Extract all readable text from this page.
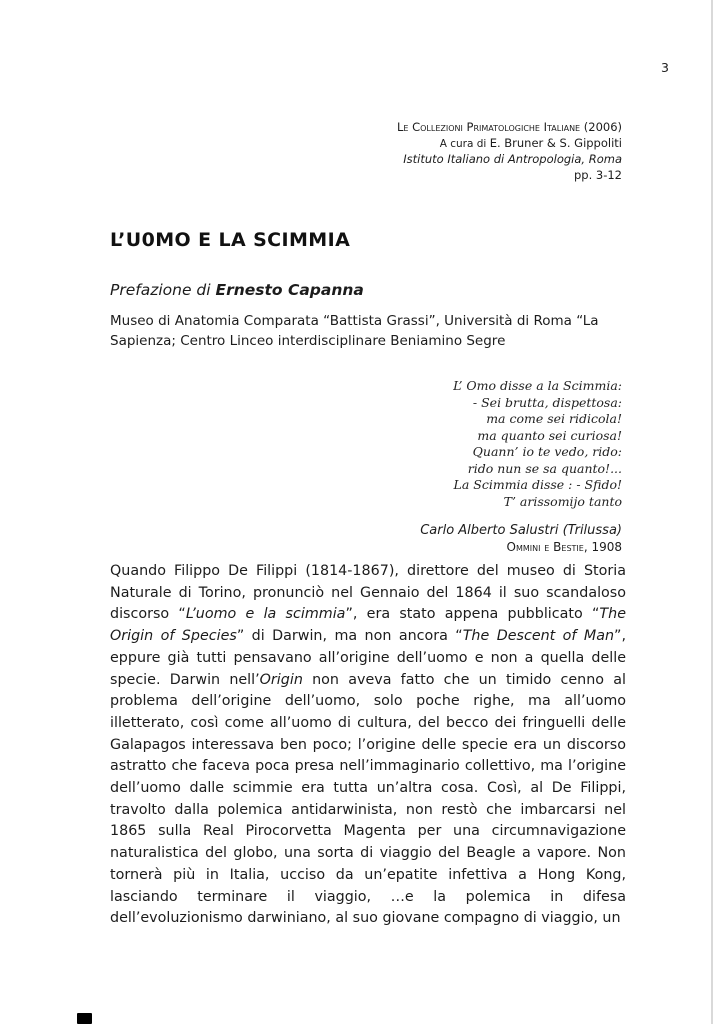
3
Le Collezioni Primatologiche Italiane (2006)
A cura di E. Bruner & S. Gippoliti
Istituto Italiano di Antropologia, Roma
pp. 3-12
L’U0MO E LA SCIMMIA
Prefazione di Ernesto Capanna
Museo di Anatomia Comparata “Battista Grassi”, Università di Roma “La Sapienza; Centro Linceo interdisciplinare Beniamino Segre
L’ Omo disse a la Scimmia:
- Sei brutta, dispettosa:
ma come sei ridicola!
ma quanto sei curiosa!
Quann’ io te vedo, rido:
rido nun se sa quanto!...
La Scimmia disse : - Sfido!
T’ arissomijo tanto
Carlo Alberto Salustri (Trilussa)
Ommini e Bestie, 1908
Quando Filippo De Filippi (1814-1867), direttore del museo di Storia Naturale di Torino, pronunciò nel Gennaio del 1864 il suo scandaloso discorso “L’uomo e la scimmia”, era stato appena pubblicato “The Origin of Species” di Darwin, ma non ancora “The Descent of Man”, eppure già tutti pensavano all’origine dell’uomo e non a quella delle specie. Darwin nell’Origin non aveva fatto che un timido cenno al problema dell’origine dell’uomo, solo poche righe, ma all’uomo illetterato, così come all’uomo di cultura, del becco dei fringuelli delle Galapagos interessava ben poco; l’origine delle specie era un discorso astratto che faceva poca presa nell’immaginario collettivo, ma l’origine dell’uomo dalle scimmie era tutta un’altra cosa. Così, al De Filippi, travolto dalla polemica antidarwinista, non restò che imbarcarsi nel 1865 sulla Real Pirocorvetta Magenta per una circumnavigazione naturalistica del globo, una sorta di viaggio del Beagle a vapore. Non tornerà più in Italia, ucciso da un’epatite infettiva a Hong Kong, lasciando terminare il viaggio, …e la polemica in difesa dell’evoluzionismo darwiniano, al suo giovane compagno di viaggio, un
